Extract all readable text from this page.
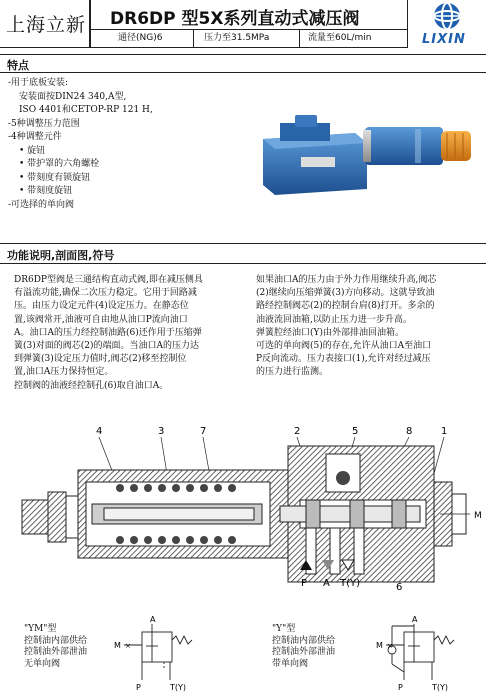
上海立新 DR6DP 型5X系列直动式减压阀
通径(NG)6	压力至31.5MPa	流量至60L/min	LIXIN
特点
-用于底板安装:
安装面按DIN24 340,A型,
ISO 4401和CETOP-RP 121 H,
-5种调整压力范围
-4种调整元件
• 旋钮
• 带护罩的六角螺栓
• 带刻度有锁旋钮
• 带刻度旋钮
-可选择的单向阀
功能说明,剖面图,符号
DR6DP型阀是三通结构直动式阀,即在减压侧具
有溢流功能,确保二次压力稳定。它用于回路减
压。由压力设定元件(4)设定压力。在静态位
置,该阀常开,油液可自由地从油口P流向油口
A。油口A的压力经控制油路(6)还作用于压缩弹
簧(3)对面的阀芯(2)的端面。当油口A的压力达
到弹簧(3)设定压力值时,阀芯(2)移至控制位
置,油口A压力保持恒定。
控制阀的油液经控制孔(6)取自油口A。
如果油口A的压力由于外力作用继续升高,阀芯
(2)继续向压缩弹簧(3)方向移动。这就导致油
路经控制阀芯(2)的控制台肩(8)打开。多余的
油液流回油箱,以防止压力进一步升高。
弹簧腔经油口(Y)由外部排油回油箱。
可选的单向阀(5)的存在,允许从油口A至油口
P反向流动。压力表接口(1),允许对经过减压
的压力进行监测。
4	3	7	2	5	8	1
6
M
P A T(Y)
"YM"型
控制油内部供给
控制油外部泄油
无单向阀
A
M
P	T(Y)
×
"Y"型
控制油内部供给
控制油外部泄油
带单向阀
A
M
P	T(Y)
×
